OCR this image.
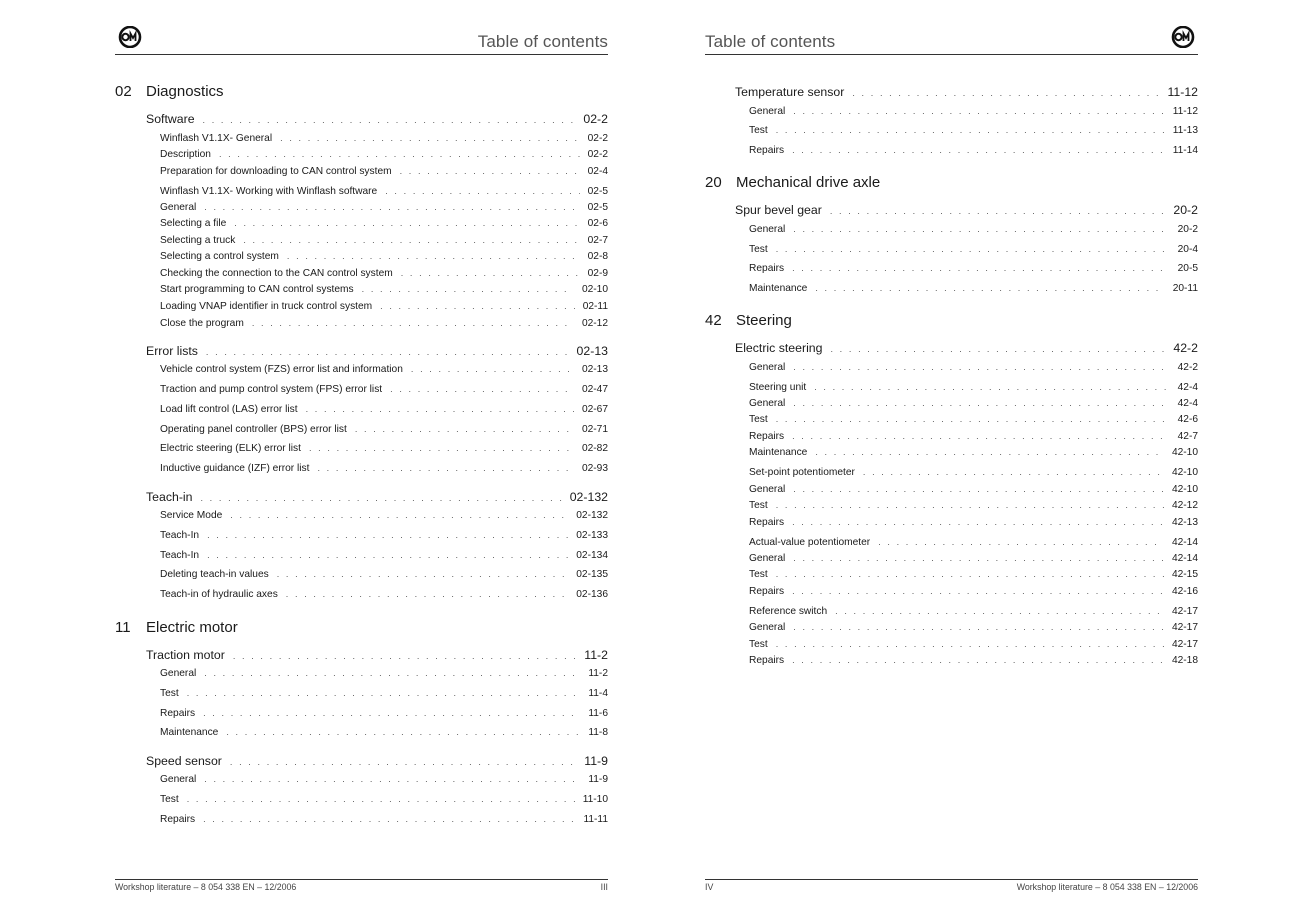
Table of contents
02 Diagnostics
Software . . .	02-2
Winflash V1.1X- General . . .	02-2
Description . . .	02-2
Preparation for downloading to CAN control system . . .	02-4
Winflash V1.1X- Working with Winflash software . . .	02-5
General . . .	02-5
Selecting a file . . .	02-6
Selecting a truck . . .	02-7
Selecting a control system . . .	02-8
Checking the connection to the CAN control system . . .	02-9
Start programming to CAN control systems . . .	02-10
Loading VNAP identifier in truck control system . . .	02-11
Close the program . . .	02-12
Error lists . . .	02-13
Vehicle control system (FZS) error list and information . . .	02-13
Traction and pump control system (FPS) error list . . .	02-47
Load lift control (LAS) error list . . .	02-67
Operating panel controller (BPS) error list . . .	02-71
Electric steering (ELK) error list . . .	02-82
Inductive guidance (IZF) error list . . .	02-93
Teach-in . . .	02-132
Service Mode . . .	02-132
Teach-In . . .	02-133
Teach-In . . .	02-134
Deleting teach-in values . . .	02-135
Teach-in of hydraulic axes . . .	02-136
11	Electric motor
Traction motor . . .	11-2
General . . .	11-2
Test . . .	11-4
Repairs . . .	11-6
Maintenance . . .	11-8
Speed sensor . . .	11-9
General . . .	11-9
Test . . .	11-10
Repairs . . .	11-11
Workshop literature – 8 054 338 EN – 12/2006	III
Table of contents
Temperature sensor . . .	11-12
General . . .	11-12
Test . . .	11-13
Repairs . . .	11-14
20 Mechanical drive axle
Spur bevel gear . . .	20-2
General . . .	20-2
Test . . .	20-4
Repairs . . .	20-5
Maintenance . . .	20-11
42 Steering
Electric steering . . .	42-2
General . . .	42-2
Steering unit . . .	42-4
General . . .	42-4
Test . . .	42-6
Repairs . . .	42-7
Maintenance . . .	42-10
Set-point potentiometer . . .	42-10
General . . .	42-10
Test . . .	42-12
Repairs . . .	42-13
Actual-value potentiometer . . .	42-14
General . . .	42-14
Test . . .	42-15
Repairs . . .	42-16
Reference switch . . .	42-17
General . . .	42-17
Test . . .	42-17
Repairs . . .	42-18
IV	Workshop literature – 8 054 338 EN – 12/2006
